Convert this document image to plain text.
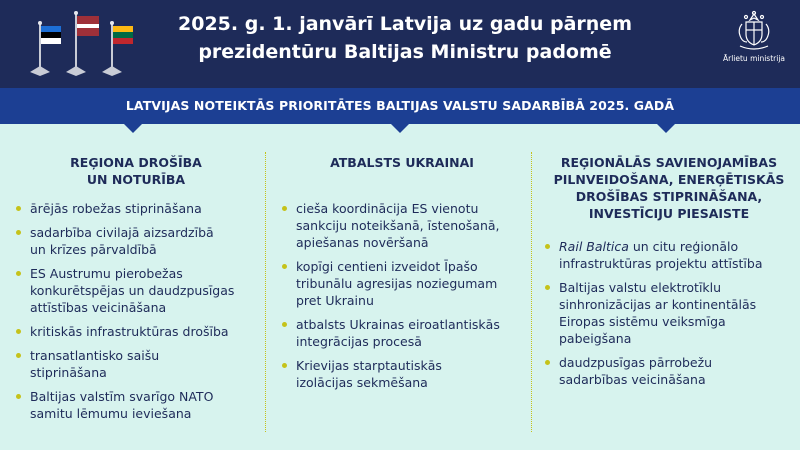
2025. g. 1. janvārī Latvija uz gadu pārņem
prezidentūru Baltijas Ministru padomē	Ārlietu ministrija
LATVIJAS NOTEIKTĀS PRIORITĀTES BALTIJAS VALSTU SADARBĪBĀ 2025. GADĀ
REĢIONA DROŠĪBA
UN NOTURĪBA
ārējās robežas stiprināšana
sadarbība civilajā aizsardzībā
un krīzes pārvaldībā
ES Austrumu pierobežas
konkurētspējas un daudzpusīgas
attīstības veicināšana
kritiskās infrastruktūras drošība
transatlantisko saišu
stiprināšana
Baltijas valstīm svarīgo NATO
samitu lēmumu ieviešana
ATBALSTS UKRAINAI
cieša koordinācija ES vienotu
sankciju noteikšanā, īstenošanā,
apiešanas novēršanā
kopīgi centieni izveidot Īpašo
tribunālu agresijas noziegumam
pret Ukrainu
atbalsts Ukrainas eiroatlantiskās
integrācijas procesā
Krievijas starptautiskās
izolācijas sekmēšana
REĢIONĀLĀS SAVIENOJAMĪBAS
PILNVEIDOŠANA, ENERĢĒTISKĀS
DROŠĪBAS STIPRINĀŠANA,
INVESTĪCIJU PIESAISTE
Rail Baltica un citu reģionālo
infrastruktūras projektu attīstība
Baltijas valstu elektrotīklu
sinhronizācijas ar kontinentālās
Eiropas sistēmu veiksmīga
pabeigšana
daudzpusīgas pārrobežu
sadarbības veicināšana
